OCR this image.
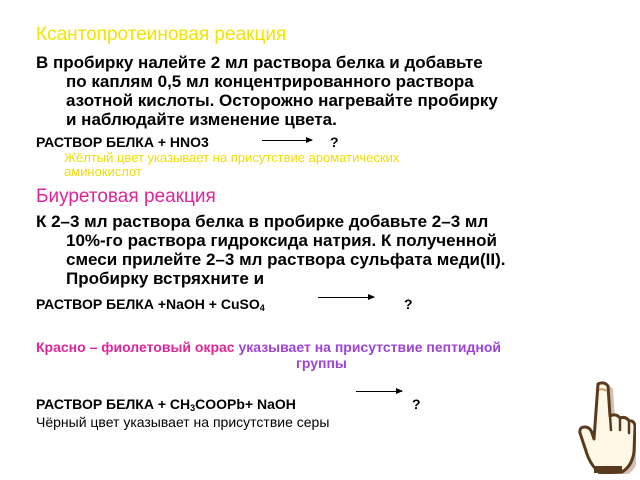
Ксантопротеиновая реакция
В пробирку налейте 2 мл раствора белка и добавьте
по каплям 0,5 мл концентрированного раствора
азотной кислоты. Осторожно нагревайте пробирку
и наблюдайте изменение цвета.
РАСТВОР БЕЛКА + HNO3	?
Жёлтый цвет указывает на присутствие ароматических
аминокислот
Биуретовая реакция
К 2–3 мл раствора белка в пробирке добавьте 2–3 мл
10%-го раствора гидроксида натрия. К полученной
смеси прилейте 2–3 мл раствора сульфата меди(II).
Пробирку встряхните и
РАСТВОР БЕЛКА +NaOH + CuSO$_4$	?
Красно – фиолетовый окрас указывает на присутствие пептидной
группы
РАСТВОР БЕЛКА + $CH_3COOPb+$ NaOH	?
Чёрный цвет указывает на присутствие серы
